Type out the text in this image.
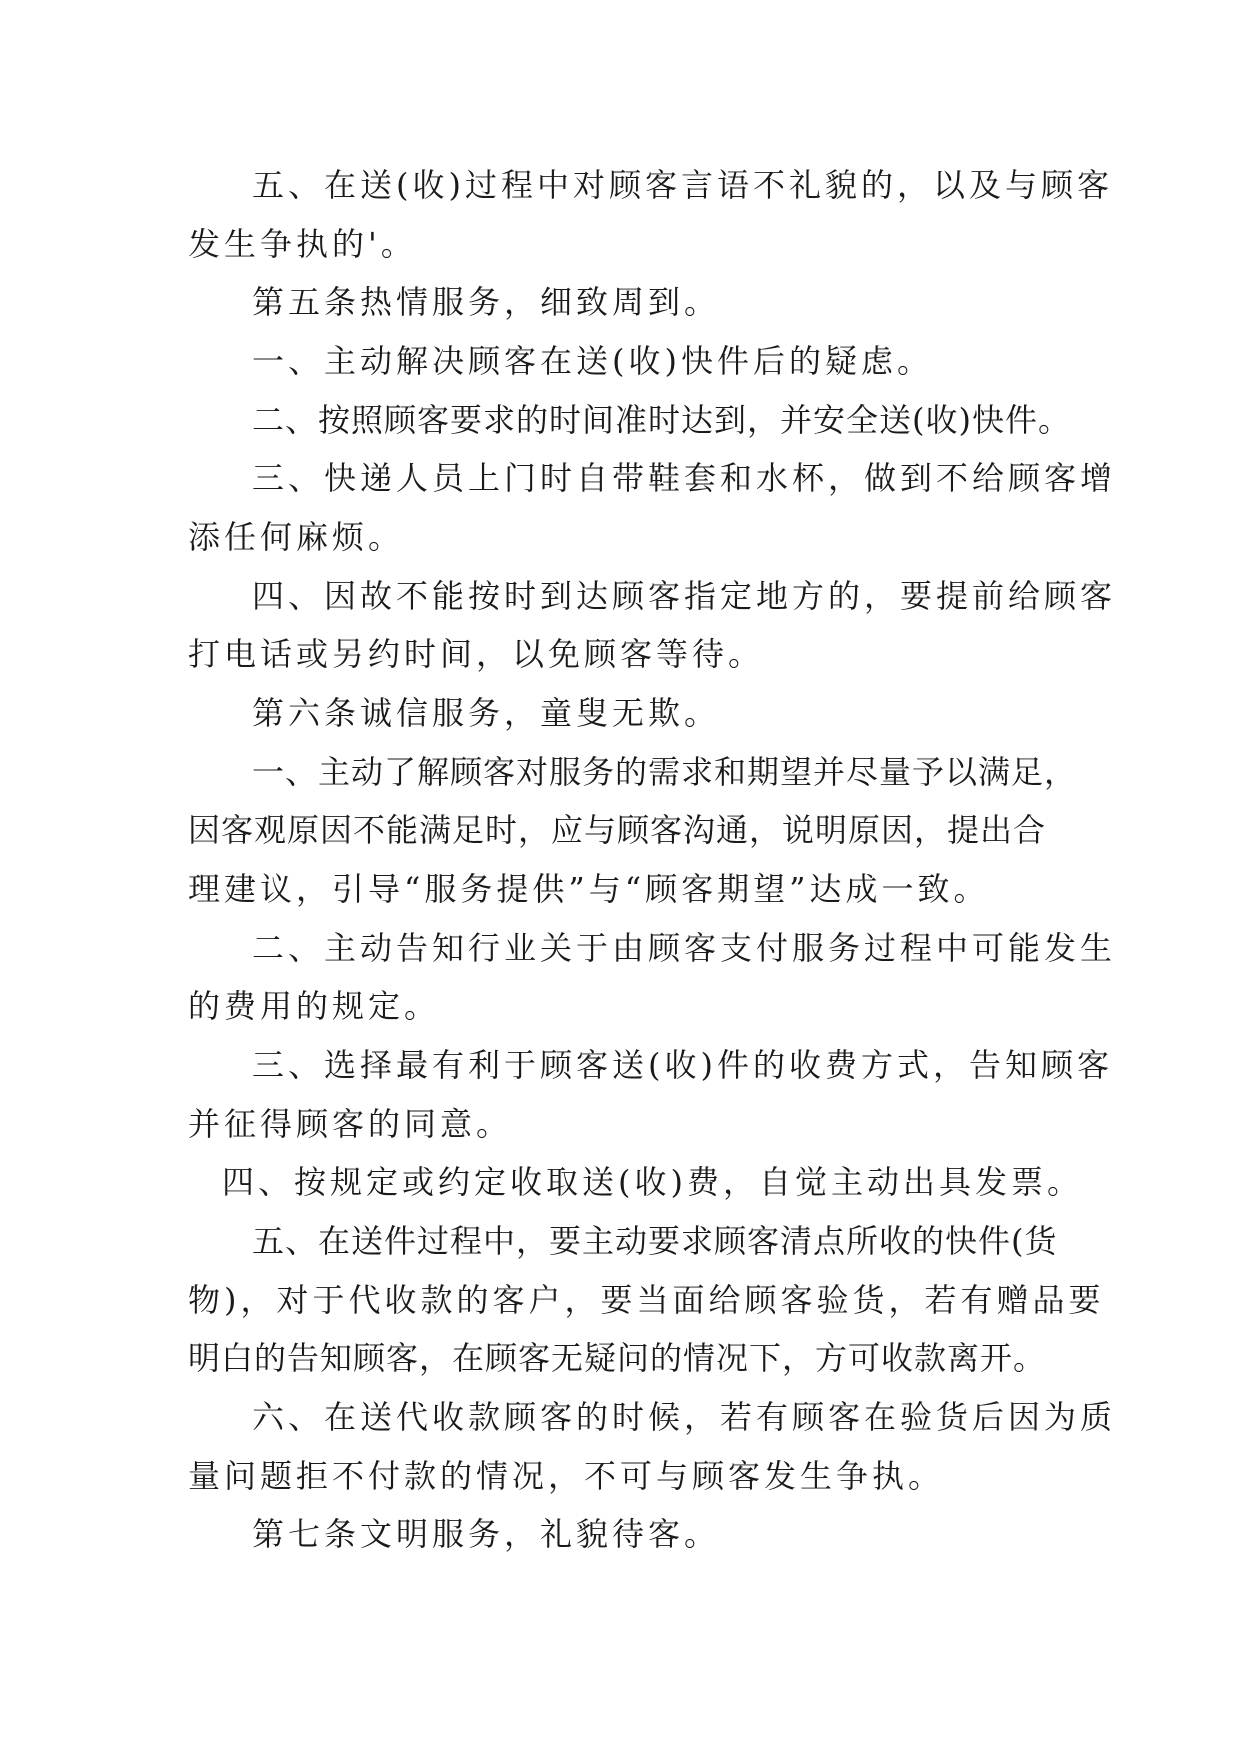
五、在送(收)过程中对顾客言语不礼貌的，以及与顾客
发生争执的'。
第五条热情服务，细致周到。
一、主动解决顾客在送(收)快件后的疑虑。
二、按照顾客要求的时间准时达到，并安全送(收)快件。
三、快递人员上门时自带鞋套和水杯，做到不给顾客增
添任何麻烦。
四、因故不能按时到达顾客指定地方的，要提前给顾客
打电话或另约时间，以免顾客等待。
第六条诚信服务，童叟无欺。
一、主动了解顾客对服务的需求和期望并尽量予以满足，
因客观原因不能满足时，应与顾客沟通，说明原因，提出合
理建议，引导“服务提供”与“顾客期望”达成一致。
二、主动告知行业关于由顾客支付服务过程中可能发生
的费用的规定。
三、选择最有利于顾客送(收)件的收费方式，告知顾客
并征得顾客的同意。
四、按规定或约定收取送(收)费，自觉主动出具发票。
五、在送件过程中，要主动要求顾客清点所收的快件(货
物)，对于代收款的客户，要当面给顾客验货，若有赠品要
明白的告知顾客，在顾客无疑问的情况下，方可收款离开。
六、在送代收款顾客的时候，若有顾客在验货后因为质
量问题拒不付款的情况，不可与顾客发生争执。
第七条文明服务，礼貌待客。
